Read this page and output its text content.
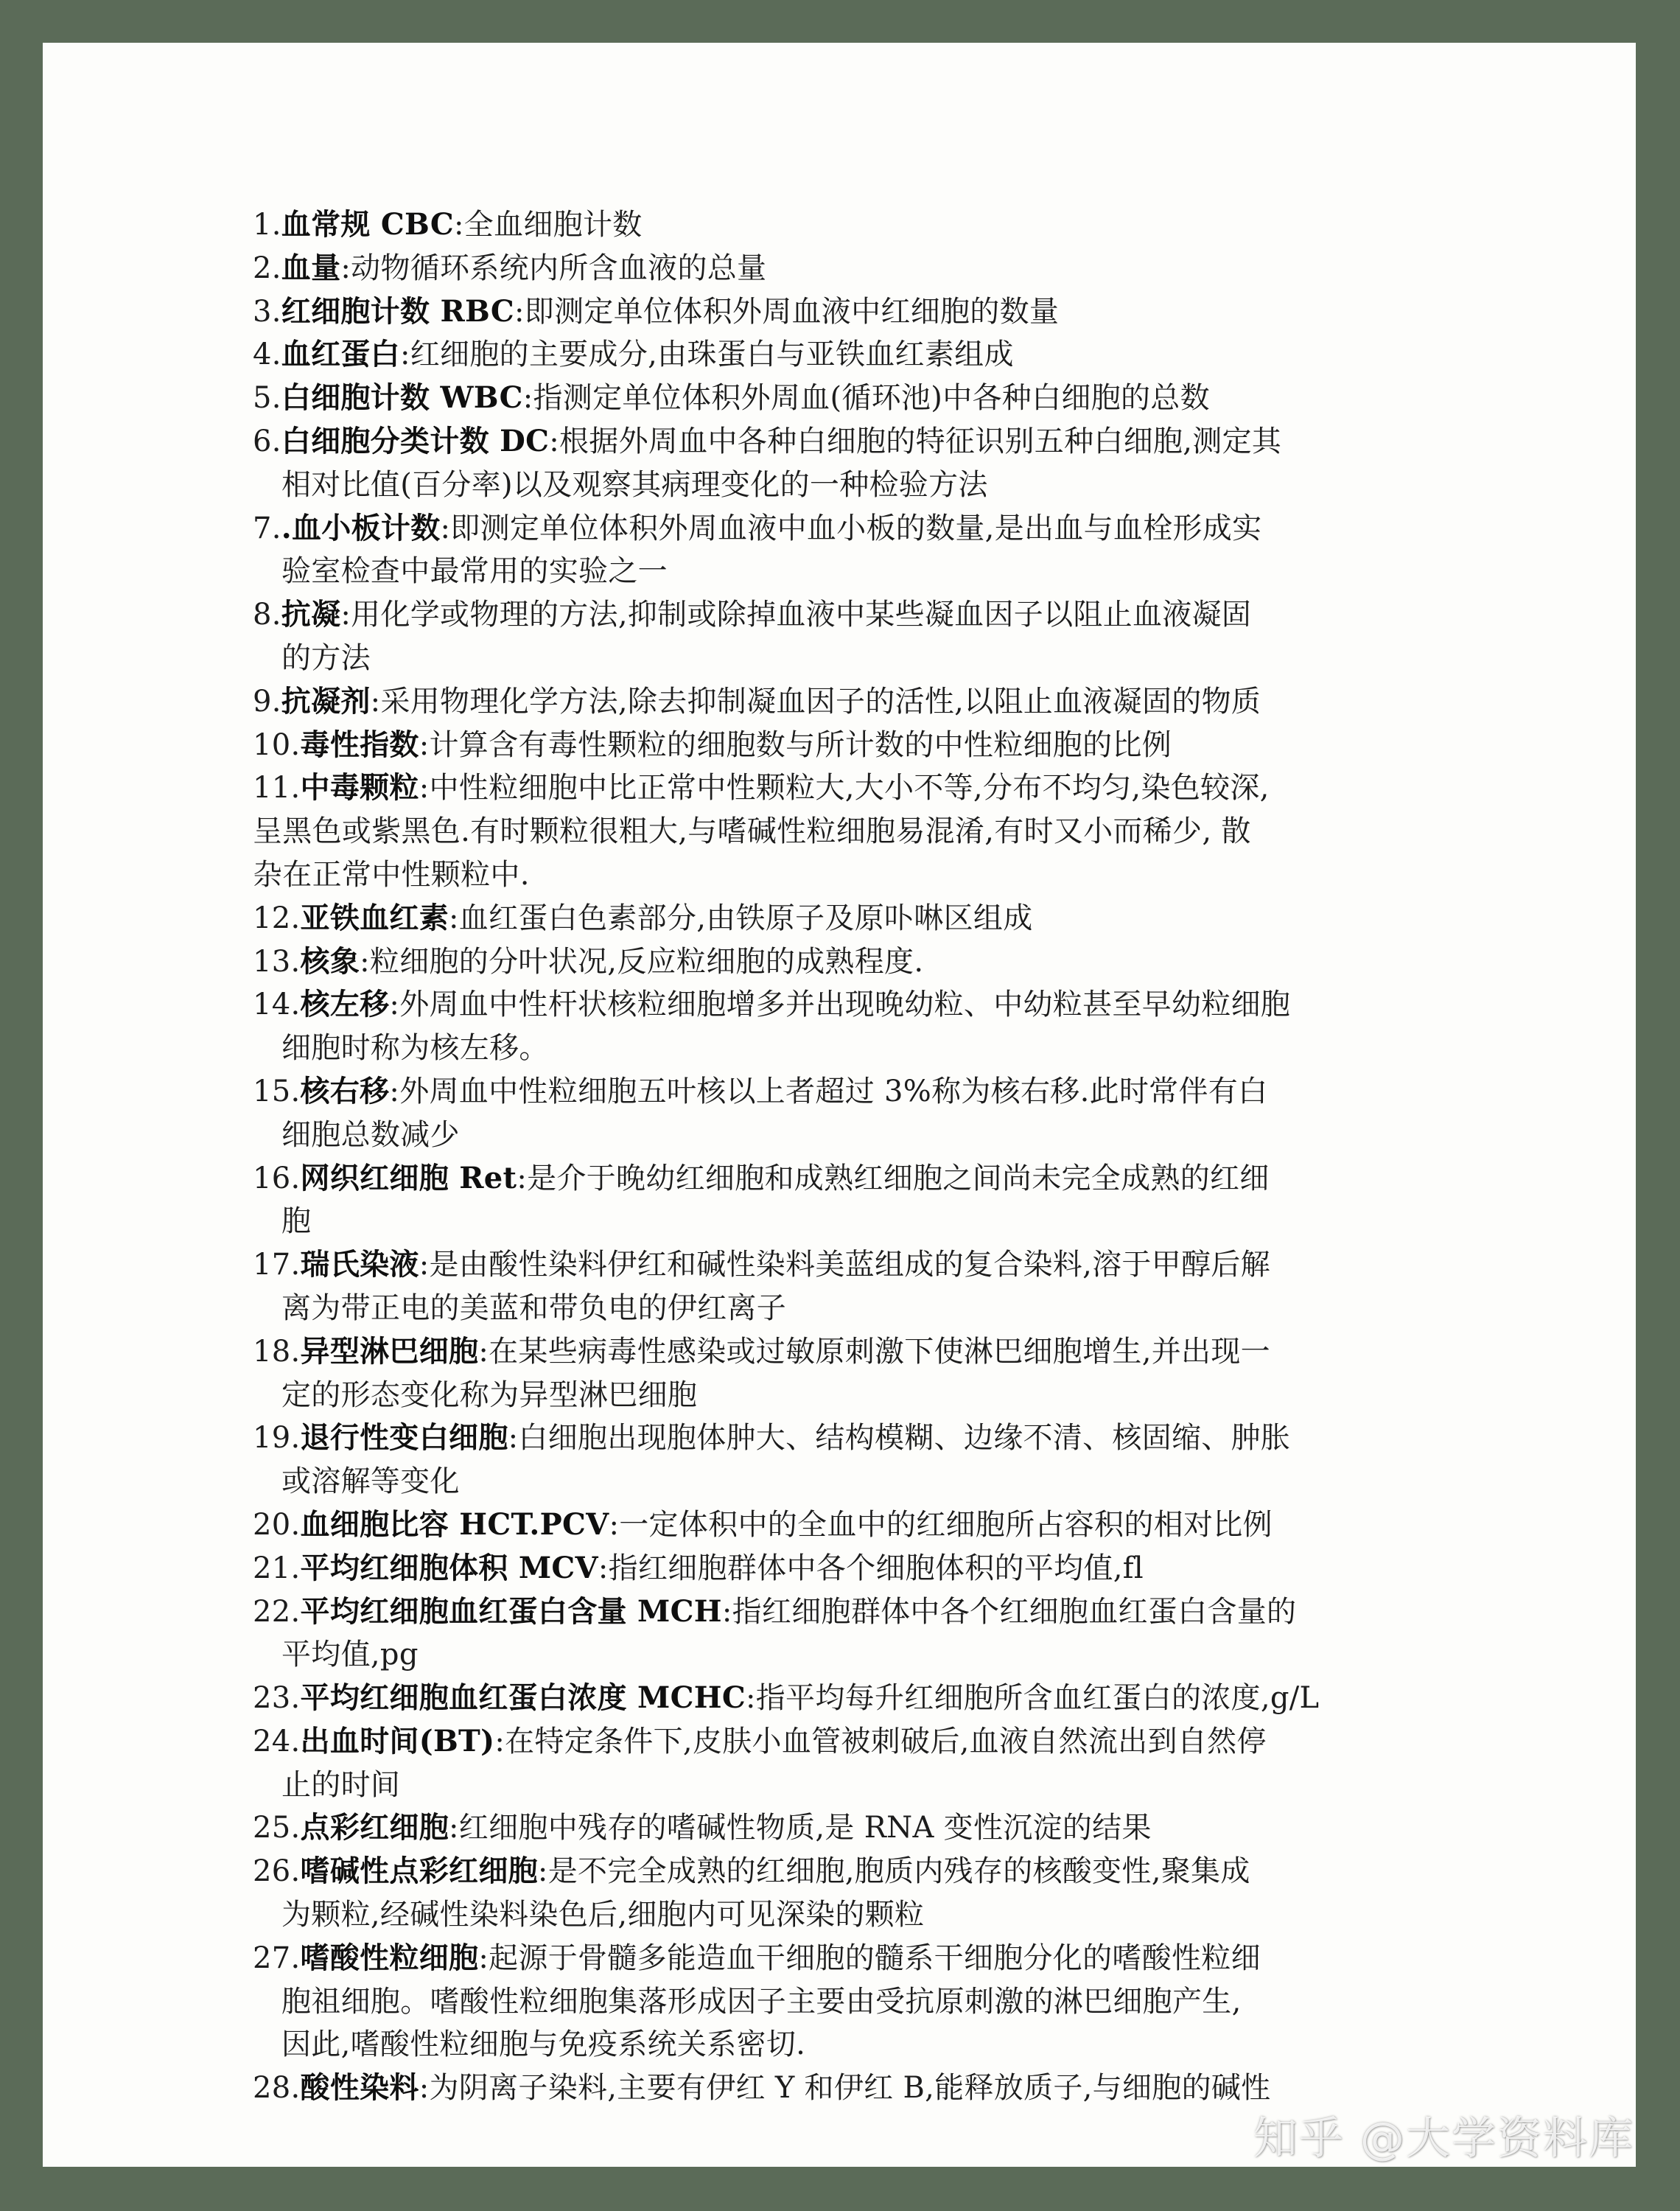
1.血常规 CBC:全血细胞计数
2.血量:动物循环系统内所含血液的总量
3.红细胞计数 RBC:即测定单位体积外周血液中红细胞的数量
4.血红蛋白:红细胞的主要成分,由珠蛋白与亚铁血红素组成
5.白细胞计数 WBC:指测定单位体积外周血(循环池)中各种白细胞的总数
6.白细胞分类计数 DC:根据外周血中各种白细胞的特征识别五种白细胞,测定其
相对比值(百分率)以及观察其病理变化的一种检验方法
7..血小板计数:即测定单位体积外周血液中血小板的数量,是出血与血栓形成实
验室检查中最常用的实验之一
8.抗凝:用化学或物理的方法,抑制或除掉血液中某些凝血因子以阻止血液凝固
的方法
9.抗凝剂:采用物理化学方法,除去抑制凝血因子的活性,以阻止血液凝固的物质
10.毒性指数:计算含有毒性颗粒的细胞数与所计数的中性粒细胞的比例
11.中毒颗粒:中性粒细胞中比正常中性颗粒大,大小不等,分布不均匀,染色较深,
呈黑色或紫黑色.有时颗粒很粗大,与嗜碱性粒细胞易混淆,有时又小而稀少, 散
杂在正常中性颗粒中.
12.亚铁血红素:血红蛋白色素部分,由铁原子及原卟啉区组成
13.核象:粒细胞的分叶状况,反应粒细胞的成熟程度.
14.核左移:外周血中性杆状核粒细胞增多并出现晚幼粒、中幼粒甚至早幼粒细胞
细胞时称为核左移。
15.核右移:外周血中性粒细胞五叶核以上者超过 3%称为核右移.此时常伴有白
细胞总数减少
16.网织红细胞 Ret:是介于晚幼红细胞和成熟红细胞之间尚未完全成熟的红细
胞
17.瑞氏染液:是由酸性染料伊红和碱性染料美蓝组成的复合染料,溶于甲醇后解
离为带正电的美蓝和带负电的伊红离子
18.异型淋巴细胞:在某些病毒性感染或过敏原刺激下使淋巴细胞增生,并出现一
定的形态变化称为异型淋巴细胞
19.退行性变白细胞:白细胞出现胞体肿大、结构模糊、边缘不清、核固缩、肿胀
或溶解等变化
20.血细胞比容 HCT.PCV:一定体积中的全血中的红细胞所占容积的相对比例
21.平均红细胞体积 MCV:指红细胞群体中各个细胞体积的平均值,fl
22.平均红细胞血红蛋白含量 MCH:指红细胞群体中各个红细胞血红蛋白含量的
平均值,pg
23.平均红细胞血红蛋白浓度 MCHC:指平均每升红细胞所含血红蛋白的浓度,g/L
24.出血时间(BT):在特定条件下,皮肤小血管被刺破后,血液自然流出到自然停
止的时间
25.点彩红细胞:红细胞中残存的嗜碱性物质,是 RNA 变性沉淀的结果
26.嗜碱性点彩红细胞:是不完全成熟的红细胞,胞质内残存的核酸变性,聚集成
为颗粒,经碱性染料染色后,细胞内可见深染的颗粒
27.嗜酸性粒细胞:起源于骨髓多能造血干细胞的髓系干细胞分化的嗜酸性粒细
胞祖细胞。嗜酸性粒细胞集落形成因子主要由受抗原刺激的淋巴细胞产生,
因此,嗜酸性粒细胞与免疫系统关系密切.
28.酸性染料:为阴离子染料,主要有伊红 Y 和伊红 B,能释放质子,与细胞的碱性
知乎 @大学资料库
